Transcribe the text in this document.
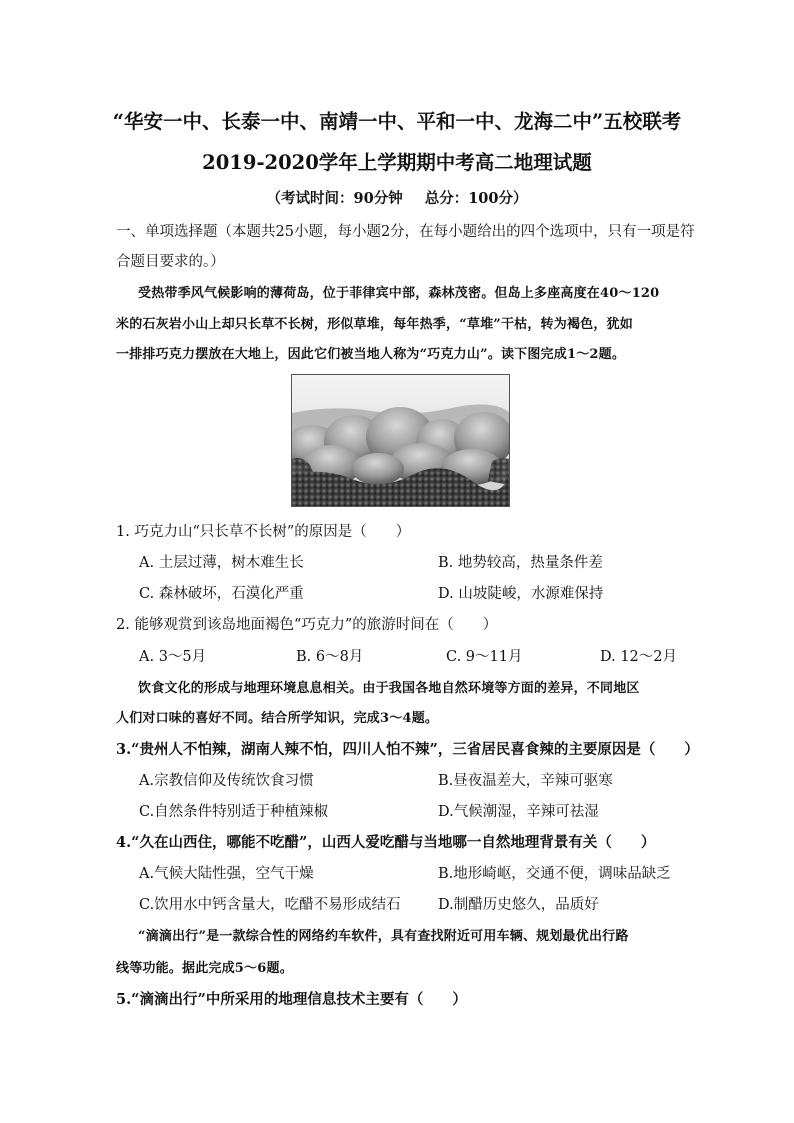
“华安一中、长泰一中、南靖一中、平和一中、龙海二中”五校联考
2019-2020学年上学期期中考高二地理试题
（考试时间：90分钟 总分：100分）
一、单项选择题（本题共25小题，每小题2分，在每小题给出的四个选项中，只有一项是符
合题目要求的。）
受热带季风气候影响的薄荷岛，位于菲律宾中部，森林茂密。但岛上多座高度在40～120
米的石灰岩小山上却只长草不长树，形似草堆，每年热季，“草堆”干枯，转为褐色，犹如
一排排巧克力摆放在大地上，因此它们被当地人称为“巧克力山”。读下图完成1～2题。
1. 巧克力山“只长草不长树”的原因是（　　）
A. 土层过薄，树木难生长	B. 地势较高，热量条件差
C. 森林破坏，石漠化严重	D. 山坡陡峻，水源难保持
2. 能够观赏到该岛地面褐色“巧克力”的旅游时间在（　　）
A. 3～5月	B. 6～8月	C. 9～11月	D. 12～2月
饮食文化的形成与地理环境息息相关。由于我国各地自然环境等方面的差异，不同地区
人们对口味的喜好不同。结合所学知识，完成3～4题。
3.“贵州人不怕辣，湖南人辣不怕，四川人怕不辣”，三省居民喜食辣的主要原因是（　　）
A.宗教信仰及传统饮食习惯	B.昼夜温差大，辛辣可驱寒
C.自然条件特别适于种植辣椒	D.气候潮湿，辛辣可祛湿
4.“久在山西住，哪能不吃醋”，山西人爱吃醋与当地哪一自然地理背景有关（　　）
A.气候大陆性强，空气干燥	B.地形崎岖，交通不便，调味品缺乏
C.饮用水中钙含量大，吃醋不易形成结石	D.制醋历史悠久，品质好
“滴滴出行”是一款综合性的网络约车软件，具有查找附近可用车辆、规划最优出行路
线等功能。据此完成5～6题。
5.“滴滴出行”中所采用的地理信息技术主要有（　　）
